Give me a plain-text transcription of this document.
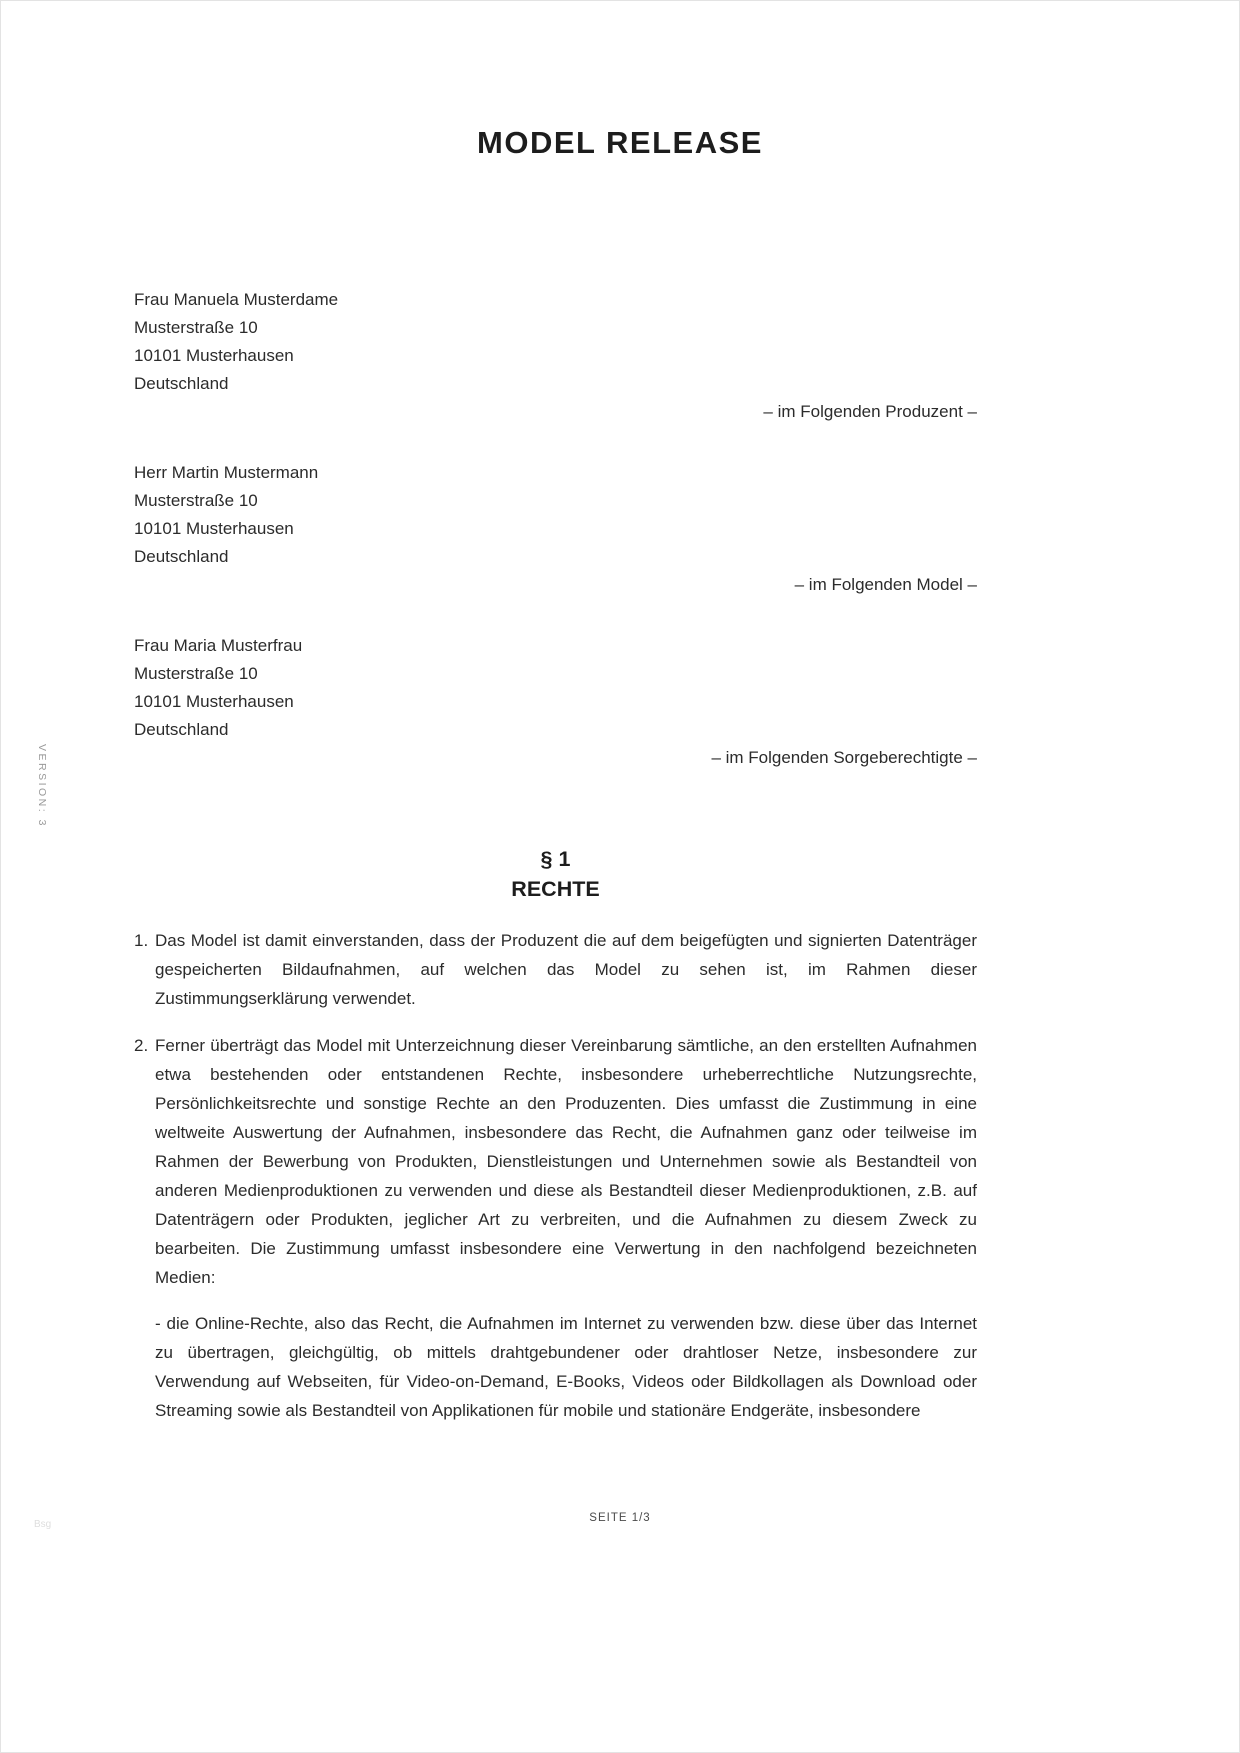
MODEL RELEASE
VERSION: 3

Frau Manuela Musterdame

Musterstraße 10

10101 Musterhausen

Deutschland

– im Folgenden Produzent –

Herr Martin Mustermann

Musterstraße 10

10101 Musterhausen

Deutschland

– im Folgenden Model –

Frau Maria Musterfrau

Musterstraße 10

10101 Musterhausen

Deutschland

– im Folgenden Sorgeberechtigte –

§ 1
RECHTE
1. Das Model ist damit einverstanden, dass der Produzent die auf dem beigefügten und signierten Datenträger gespeicherten Bildaufnahmen, auf welchen das Model zu sehen ist, im Rahmen dieser Zustimmungserklärung verwendet.

2. Ferner überträgt das Model mit Unterzeichnung dieser Vereinbarung sämtliche, an den erstellten Aufnahmen etwa bestehenden oder entstandenen Rechte, insbesondere urheberrechtliche Nutzungsrechte, Persönlichkeitsrechte und sonstige Rechte an den Produzenten. Dies umfasst die Zustimmung in eine weltweite Auswertung der Aufnahmen, insbesondere das Recht, die Aufnahmen ganz oder teilweise im Rahmen der Bewerbung von Produkten, Dienstleistungen und Unternehmen sowie als Bestandteil von anderen Medienproduktionen zu verwenden und diese als Bestandteil dieser Medienproduktionen, z.B. auf Datenträgern oder Produkten, jeglicher Art zu verbreiten, und die Aufnahmen zu diesem Zweck zu bearbeiten. Die Zustimmung umfasst insbesondere eine Verwertung in den nachfolgend bezeichneten Medien:

- die Online-Rechte, also das Recht, die Aufnahmen im Internet zu verwenden bzw. diese über das Internet zu übertragen, gleichgültig, ob mittels drahtgebundener oder drahtloser Netze, insbesondere zur Verwendung auf Webseiten, für Video-on-Demand, E-Books, Videos oder Bildkollagen als Download oder Streaming sowie als Bestandteil von Applikationen für mobile und stationäre Endgeräte, insbesondere

SEITE 1/3
Bsg
